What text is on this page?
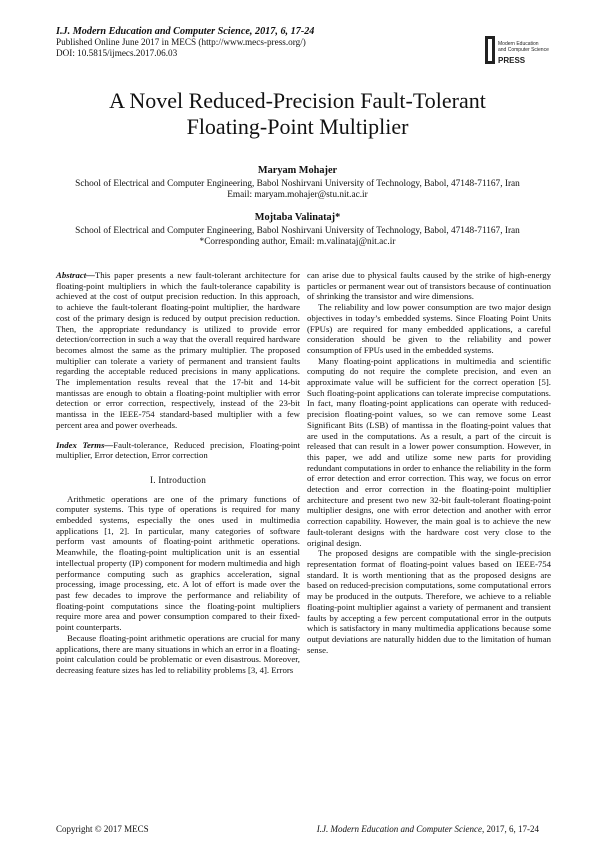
I.J. Modern Education and Computer Science, 2017, 6, 17-24
Published Online June 2017 in MECS (http://www.mecs-press.org/)
DOI: 10.5815/ijmecs.2017.06.03
Modern Education
and Computer Science
PRESS
A Novel Reduced-Precision Fault-Tolerant
Floating-Point Multiplier
Maryam Mohajer
School of Electrical and Computer Engineering, Babol Noshirvani University of Technology, Babol, 47148-71167, Iran
Email: maryam.mohajer@stu.nit.ac.ir
Mojtaba Valinataj*
School of Electrical and Computer Engineering, Babol Noshirvani University of Technology, Babol, 47148-71167, Iran
*Corresponding author, Email: m.valinataj@nit.ac.ir

Abstract—This paper presents a new fault-tolerant architecture for floating-point multipliers in which the fault-tolerance capability is achieved at the cost of output precision reduction. In this approach, to achieve the fault-tolerant floating-point multiplier, the hardware cost of the primary design is reduced by output precision reduction. Then, the appropriate redundancy is utilized to provide error detection/correction in such a way that the overall required hardware becomes almost the same as the primary multiplier. The proposed multiplier can tolerate a variety of permanent and transient faults regarding the acceptable reduced precisions in many applications. The implementation results reveal that the 17-bit and 14-bit mantissas are enough to obtain a floating-point multiplier with error detection or error correction, respectively, instead of the 23-bit mantissa in the IEEE-754 standard-based multiplier with a few percent area and power overheads.

Index Terms—Fault-tolerance, Reduced precision, Floating-point multiplier, Error detection, Error correction

I. Introduction

Arithmetic operations are one of the primary functions of computer systems. This type of operations is required for many embedded systems, especially the ones used in multimedia applications [1, 2]. In particular, many categories of software perform vast amounts of floating-point arithmetic operations. Meanwhile, the floating-point multiplication unit is an essential intellectual property (IP) component for modern multimedia and high performance computing such as graphics acceleration, signal processing, image processing, etc. A lot of effort is made over the past few decades to improve the performance and reliability of floating-point computations since the floating-point multipliers require more area and power consumption compared to their fixed-point counterparts.

Because floating-point arithmetic operations are crucial for many applications, there are many situations in which an error in a floating-point calculation could be problematic or even disastrous. Moreover, decreasing feature sizes has led to reliability problems [3, 4]. Errors

can arise due to physical faults caused by the strike of high-energy particles or permanent wear out of transistors because of continuation of shrinking the transistor and wire dimensions.

The reliability and low power consumption are two major design objectives in today’s embedded systems. Since Floating Point Units (FPUs) are required for many embedded applications, a careful consideration should be given to the reliability and power consumption of FPUs used in the embedded systems.

Many floating-point applications in multimedia and scientific computing do not require the complete precision, and even an approximate value will be sufficient for the correct operation [5]. Such floating-point applications can tolerate imprecise computations. In fact, many floating-point applications can operate with reduced-precision floating-point values, so we can remove some Least Significant Bits (LSB) of mantissa in the floating-point values that are used in the computations. As a result, a part of the circuit is released that can result in a lower power consumption. However, in this paper, we add and utilize some new parts for providing redundant computations in order to enhance the reliability in the form of error detection and error correction. This way, we focus on error detection and error correction in the floating-point multiplier architecture and present two new 32-bit fault-tolerant floating-point multiplier designs, one with error detection and another with error correction capability. However, the main goal is to achieve the new fault-tolerant designs with the hardware cost very close to the original design.

The proposed designs are compatible with the single-precision representation format of floating-point values based on IEEE-754 standard. It is worth mentioning that as the proposed designs are based on reduced-precision computations, some computational errors may be produced in the outputs. Therefore, we achieve to a reliable floating-point multiplier against a variety of permanent and transient faults by accepting a few percent computational error in the outputs which is satisfactory in many multimedia applications because some output deviations are naturally hidden due to the limitation of human sense.

Copyright © 2017 MECS	I.J. Modern Education and Computer Science, 2017, 6, 17-24
